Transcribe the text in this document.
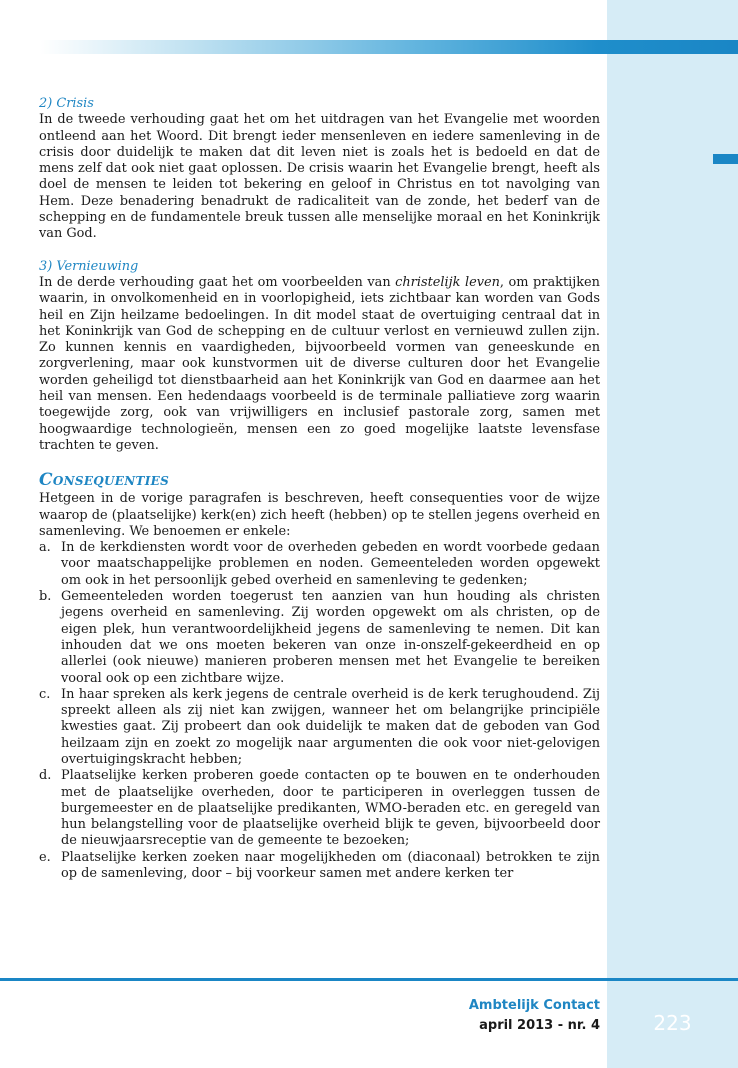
2) Crisis

In de tweede verhouding gaat het om het uitdragen van het Evangelie met woorden ontleend aan het Woord. Dit brengt ieder mensenleven en iedere samenleving in de crisis door duidelijk te maken dat dit leven niet is zoals het is bedoeld en dat de mens zelf dat ook niet gaat oplossen. De crisis waarin het Evangelie brengt, heeft als doel de mensen te leiden tot bekering en geloof in Christus en tot navolging van Hem. Deze benadering benadrukt de radicaliteit van de zonde, het bederf van de schepping en de fundamentele breuk tussen alle menselijke moraal en het Koninkrijk van God.

3) Vernieuwing

In de derde verhouding gaat het om voorbeelden van christelijk leven, om praktijken waarin, in onvolkomenheid en in voorlopigheid, iets zichtbaar kan worden van Gods heil en Zijn heilzame bedoelingen. In dit model staat de overtuiging centraal dat in het Koninkrijk van God de schepping en de cultuur verlost en vernieuwd zullen zijn. Zo kunnen kennis en vaardigheden, bijvoorbeeld vormen van geneeskunde en zorgverlening, maar ook kunstvormen uit de diverse culturen door het Evangelie worden geheiligd tot dienstbaarheid aan het Koninkrijk van God en daarmee aan het heil van mensen. Een hedendaags voorbeeld is de terminale palliatieve zorg waarin toegewijde zorg, ook van vrijwilligers en inclusief pastorale zorg, samen met hoogwaardige technologieën, mensen een zo goed mogelijke laatste levensfase trachten te geven.

Consequenties

Hetgeen in de vorige paragrafen is beschreven, heeft consequenties voor de wijze waarop de (plaatselijke) kerk(en) zich heeft (hebben) op te stellen jegens overheid en samenleving. We benoemen er enkele:

a. In de kerkdiensten wordt voor de overheden gebeden en wordt voorbede gedaan voor maatschappelijke problemen en noden. Gemeenteleden worden opgewekt om ook in het persoonlijk gebed overheid en samenleving te gedenken;
b. Gemeenteleden worden toegerust ten aanzien van hun houding als christen jegens overheid en samenleving. Zij worden opgewekt om als christen, op de eigen plek, hun verantwoordelijkheid jegens de samenleving te nemen. Dit kan inhouden dat we ons moeten bekeren van onze in-onszelf-gekeerdheid en op allerlei (ook nieuwe) manieren proberen mensen met het Evangelie te bereiken vooral ook op een zichtbare wijze.
c. In haar spreken als kerk jegens de centrale overheid is de kerk terughoudend. Zij spreekt alleen als zij niet kan zwijgen, wanneer het om belangrijke principiële kwesties gaat. Zij probeert dan ook duidelijk te maken dat de geboden van God heilzaam zijn en zoekt zo mogelijk naar argumenten die ook voor niet-gelovigen overtuigingskracht hebben;
d. Plaatselijke kerken proberen goede contacten op te bouwen en te onderhouden met de plaatselijke overheden, door te participeren in overleggen tussen de burgemeester en de plaatselijke predikanten, WMO-beraden etc. en geregeld van hun belangstelling voor de plaatselijke overheid blijk te geven, bijvoorbeeld door de nieuwjaarsreceptie van de gemeente te bezoeken;
e. Plaatselijke kerken zoeken naar mogelijkheden om (diaconaal) betrokken te zijn op de samenleving, door – bij voorkeur samen met andere kerken ter
Ambtelijk Contact
april 2013 - nr. 4	223
